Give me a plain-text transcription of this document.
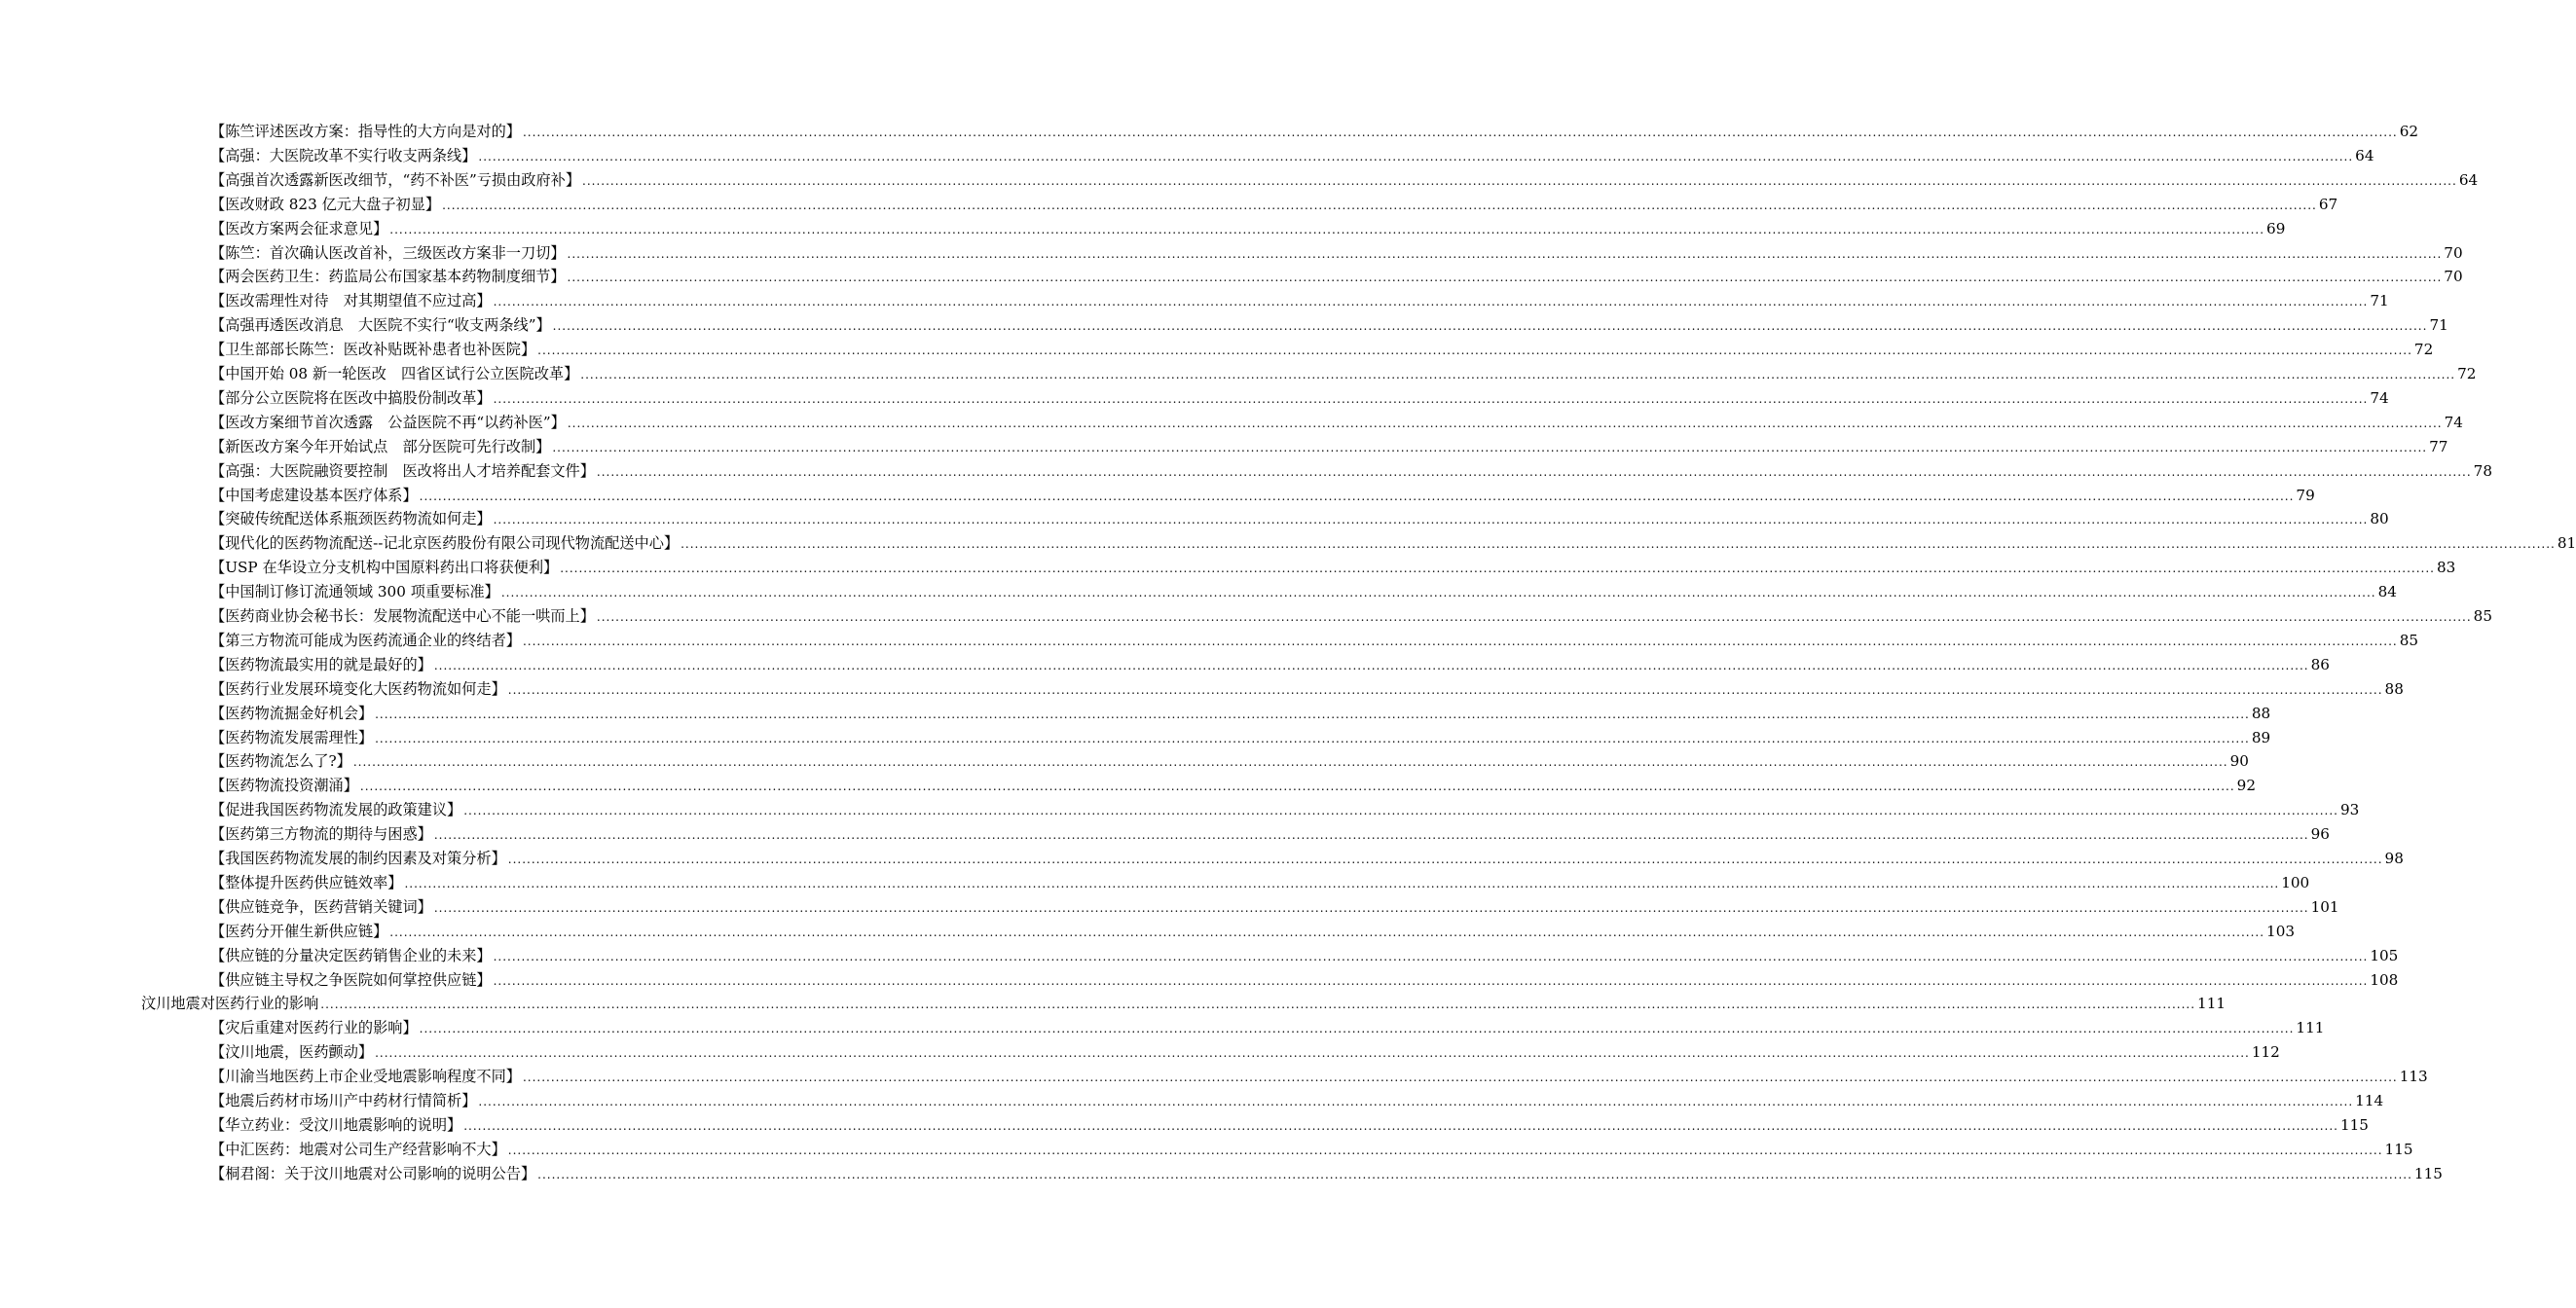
【陈竺评述医改方案：指导性的大方向是对的】 ................................................................................................................................................................................................................................................................................................................................................................................................................ 62
【高强：大医院改革不实行收支两条线】 ................................................................................................................................................................................................................................................................................................................................................................................................................ 64
【高强首次透露新医改细节，“药不补医”亏损由政府补】 ................................................................................................................................................................................................................................................................................................................................................................................................................ 64
【医改财政 823 亿元大盘子初显】 ................................................................................................................................................................................................................................................................................................................................................................................................................ 67
【医改方案两会征求意见】 ................................................................................................................................................................................................................................................................................................................................................................................................................ 69
【陈竺：首次确认医改首补，三级医改方案非一刀切】 ................................................................................................................................................................................................................................................................................................................................................................................................................ 70
【两会医药卫生：药监局公布国家基本药物制度细节】 ................................................................................................................................................................................................................................................................................................................................................................................................................ 70
【医改需理性对待　对其期望值不应过高】 ................................................................................................................................................................................................................................................................................................................................................................................................................ 71
【高强再透医改消息　大医院不实行“收支两条线”】 ................................................................................................................................................................................................................................................................................................................................................................................................................ 71
【卫生部部长陈竺：医改补贴既补患者也补医院】 ................................................................................................................................................................................................................................................................................................................................................................................................................ 72
【中国开始 08 新一轮医改　四省区试行公立医院改革】 ................................................................................................................................................................................................................................................................................................................................................................................................................ 72
【部分公立医院将在医改中搞股份制改革】 ................................................................................................................................................................................................................................................................................................................................................................................................................ 74
【医改方案细节首次透露　公益医院不再“以药补医”】 ................................................................................................................................................................................................................................................................................................................................................................................................................ 74
【新医改方案今年开始试点　部分医院可先行改制】 ................................................................................................................................................................................................................................................................................................................................................................................................................ 77
【高强：大医院融资要控制　医改将出人才培养配套文件】 ................................................................................................................................................................................................................................................................................................................................................................................................................ 78
【中国考虑建设基本医疗体系】 ................................................................................................................................................................................................................................................................................................................................................................................................................ 79
【突破传统配送体系瓶颈医药物流如何走】 ................................................................................................................................................................................................................................................................................................................................................................................................................ 80
【现代化的医药物流配送--记北京医药股份有限公司现代物流配送中心】 ................................................................................................................................................................................................................................................................................................................................................................................................................ 81
【USP 在华设立分支机构中国原料药出口将获便利】 ................................................................................................................................................................................................................................................................................................................................................................................................................ 83
【中国制订修订流通领域 300 项重要标准】 ................................................................................................................................................................................................................................................................................................................................................................................................................ 84
【医药商业协会秘书长：发展物流配送中心不能一哄而上】 ................................................................................................................................................................................................................................................................................................................................................................................................................ 85
【第三方物流可能成为医药流通企业的终结者】 ................................................................................................................................................................................................................................................................................................................................................................................................................ 85
【医药物流最实用的就是最好的】 ................................................................................................................................................................................................................................................................................................................................................................................................................ 86
【医药行业发展环境变化大医药物流如何走】 ................................................................................................................................................................................................................................................................................................................................................................................................................ 88
【医药物流掘金好机会】 ................................................................................................................................................................................................................................................................................................................................................................................................................ 88
【医药物流发展需理性】 ................................................................................................................................................................................................................................................................................................................................................................................................................ 89
【医药物流怎么了?】 ................................................................................................................................................................................................................................................................................................................................................................................................................ 90
【医药物流投资潮涌】 ................................................................................................................................................................................................................................................................................................................................................................................................................ 92
【促进我国医药物流发展的政策建议】 ................................................................................................................................................................................................................................................................................................................................................................................................................ 93
【医药第三方物流的期待与困惑】 ................................................................................................................................................................................................................................................................................................................................................................................................................ 96
【我国医药物流发展的制约因素及对策分析】 ................................................................................................................................................................................................................................................................................................................................................................................................................ 98
【整体提升医药供应链效率】 ................................................................................................................................................................................................................................................................................................................................................................................................................ 100
【供应链竞争，医药营销关键词】 ................................................................................................................................................................................................................................................................................................................................................................................................................ 101
【医药分开催生新供应链】 ................................................................................................................................................................................................................................................................................................................................................................................................................ 103
【供应链的分量决定医药销售企业的未来】 ................................................................................................................................................................................................................................................................................................................................................................................................................ 105
【供应链主导权之争医院如何掌控供应链】 ................................................................................................................................................................................................................................................................................................................................................................................................................ 108
汶川地震对医药行业的影响 ................................................................................................................................................................................................................................................................................................................................................................................................................ 111
【灾后重建对医药行业的影响】 ................................................................................................................................................................................................................................................................................................................................................................................................................ 111
【汶川地震，医药颤动】 ................................................................................................................................................................................................................................................................................................................................................................................................................ 112
【川渝当地医药上市企业受地震影响程度不同】 ................................................................................................................................................................................................................................................................................................................................................................................................................ 113
【地震后药材市场川产中药材行情简析】 ................................................................................................................................................................................................................................................................................................................................................................................................................ 114
【华立药业：受汶川地震影响的说明】 ................................................................................................................................................................................................................................................................................................................................................................................................................ 115
【中汇医药：地震对公司生产经营影响不大】 ................................................................................................................................................................................................................................................................................................................................................................................................................ 115
【桐君阁：关于汶川地震对公司影响的说明公告】 ................................................................................................................................................................................................................................................................................................................................................................................................................ 115
